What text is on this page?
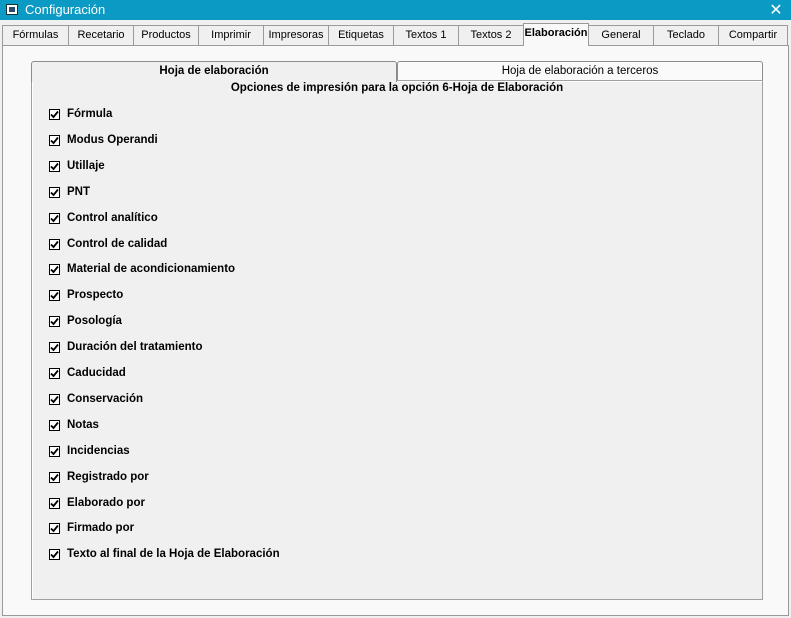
Configuración	✕
Fórmulas	Recetario	Productos	Imprimir	Impresoras	Etiquetas	Textos 1	Textos 2	Elaboración	General	Teclado	Compartir
Hoja de elaboración	Hoja de elaboración a terceros
Opciones de impresión para la opción 6-Hoja de Elaboración
Fórmula
Modus Operandi
Utillaje
PNT
Control analítico
Control de calidad
Material de acondicionamiento
Prospecto
Posología
Duración del tratamiento
Caducidad
Conservación
Notas
Incidencias
Registrado por
Elaborado por
Firmado por
Texto al final de la Hoja de Elaboración
